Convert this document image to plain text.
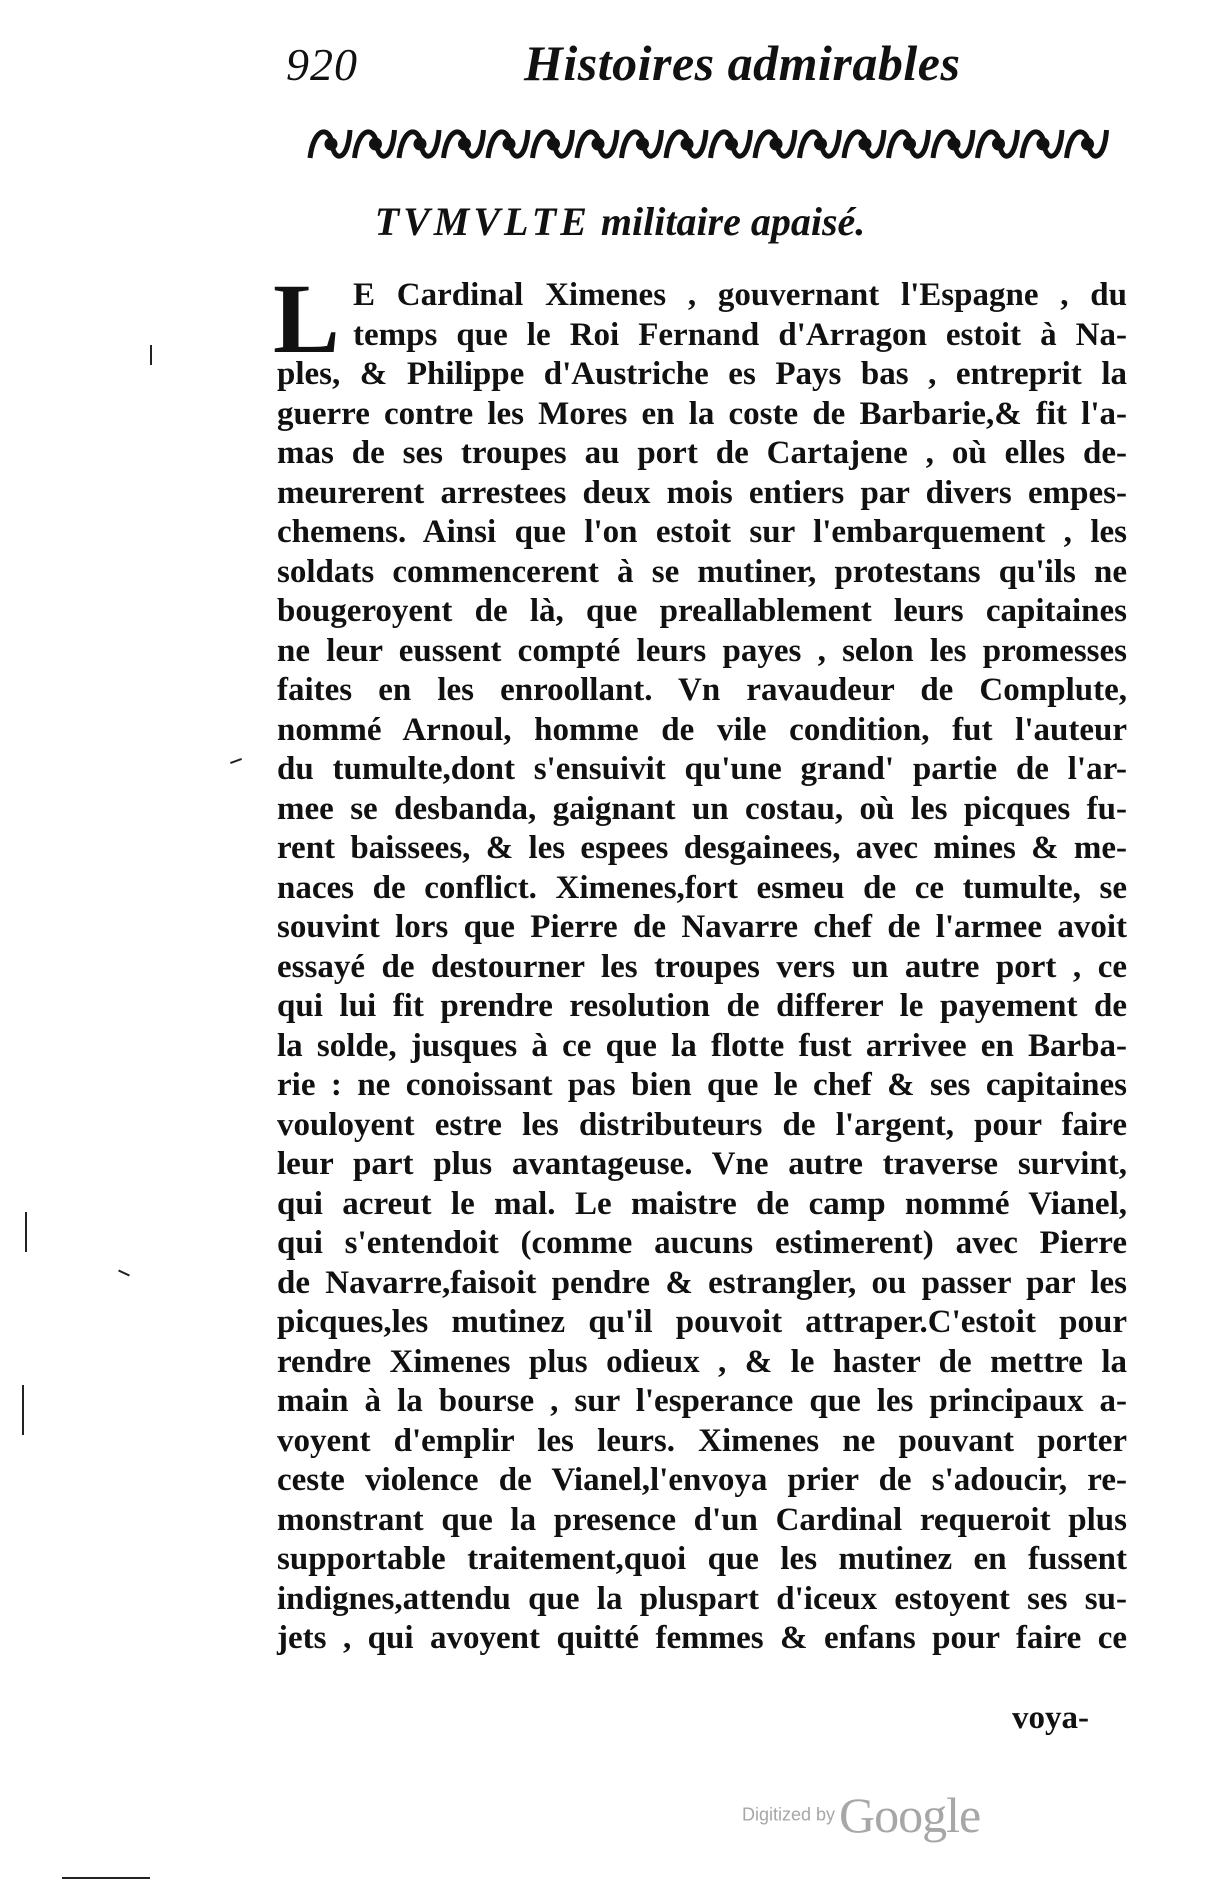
920	Histoires admirables
TVMVLTE militaire apaisé.
L E Cardinal Ximenes , gouvernant l'Espagne , du
temps que le Roi Fernand d'Arragon estoit à Na-
ples, & Philippe d'Austriche es Pays bas , entreprit la
guerre contre les Mores en la coste de Barbarie,& fit l'a-
mas de ses troupes au port de Cartajene , où elles de-
meurerent arrestees deux mois entiers par divers empes-
chemens. Ainsi que l'on estoit sur l'embarquement , les
soldats commencerent à se mutiner, protestans qu'ils ne
bougeroyent de là, que preallablement leurs capitaines
ne leur eussent compté leurs payes , selon les promesses
faites en les enroollant. Vn ravaudeur de Complute,
nommé Arnoul, homme de vile condition, fut l'auteur
du tumulte,dont s'ensuivit qu'une grand' partie de l'ar-
mee se desbanda, gaignant un costau, où les picques fu-
rent baissees, & les espees desgainees, avec mines & me-
naces de conflict. Ximenes,fort esmeu de ce tumulte, se
souvint lors que Pierre de Navarre chef de l'armee avoit
essayé de destourner les troupes vers un autre port , ce
qui lui fit prendre resolution de differer le payement de
la solde, jusques à ce que la flotte fust arrivee en Barba-
rie : ne conoissant pas bien que le chef & ses capitaines
vouloyent estre les distributeurs de l'argent, pour faire
leur part plus avantageuse. Vne autre traverse survint,
qui acreut le mal. Le maistre de camp nommé Vianel,
qui s'entendoit (comme aucuns estimerent) avec Pierre
de Navarre,faisoit pendre & estrangler, ou passer par les
picques,les mutinez qu'il pouvoit attraper.C'estoit pour
rendre Ximenes plus odieux , & le haster de mettre la
main à la bourse , sur l'esperance que les principaux a-
voyent d'emplir les leurs. Ximenes ne pouvant porter
ceste violence de Vianel,l'envoya prier de s'adoucir, re-
monstrant que la presence d'un Cardinal requeroit plus
supportable traitement,quoi que les mutinez en fussent
indignes,attendu que la pluspart d'iceux estoyent ses su-
jets , qui avoyent quitté femmes & enfans pour faire ce
voya-
Digitized by Google
